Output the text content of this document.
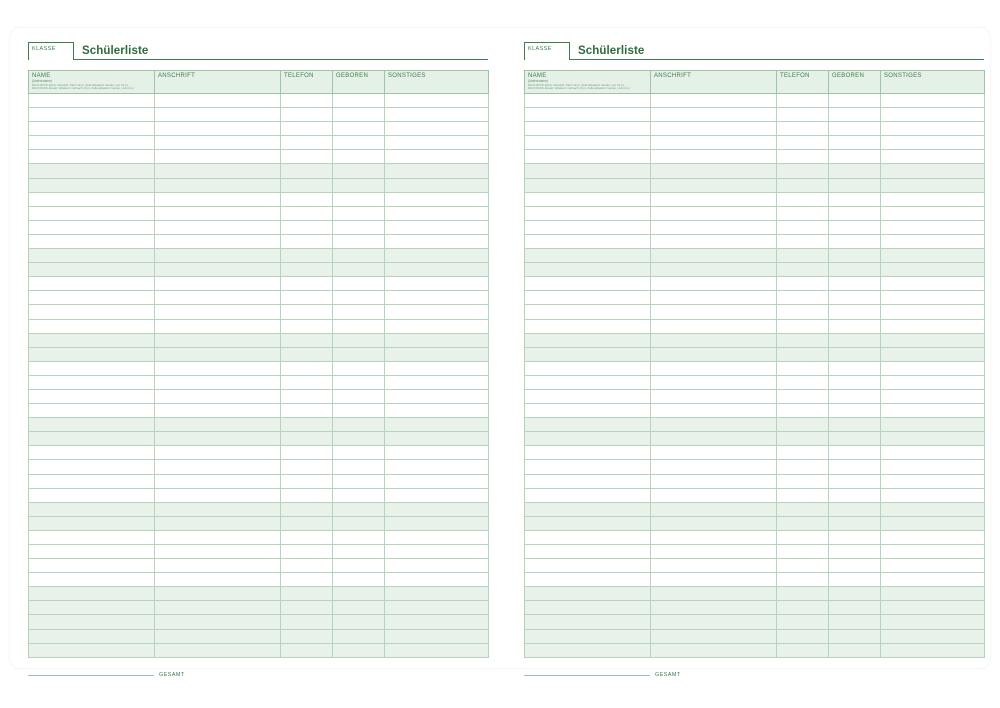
KLASSE Schülerliste
NAME
(Vatersname)
Word DOCX-Abstz: Abstand: Nach 10 pt, Zeilenabstand: Genau, von 10 pt,
Word DOCX-Absatz: Abstand: vor/nach 10 pt, Zeilenabstand: Genau, von 10 pt	ANSCHRIFT	TELEFON	GEBOREN	SONSTIGES

GESAMT
KLASSE Schülerliste
NAME
(Vatersname)
Word DOCX-Abstz: Abstand: Nach 10 pt, Zeilenabstand: Genau, von 10 pt,
Word DOCX-Absatz: Abstand: vor/nach 10 pt, Zeilenabstand: Genau, von 10 pt	ANSCHRIFT	TELEFON	GEBOREN	SONSTIGES

GESAMT
